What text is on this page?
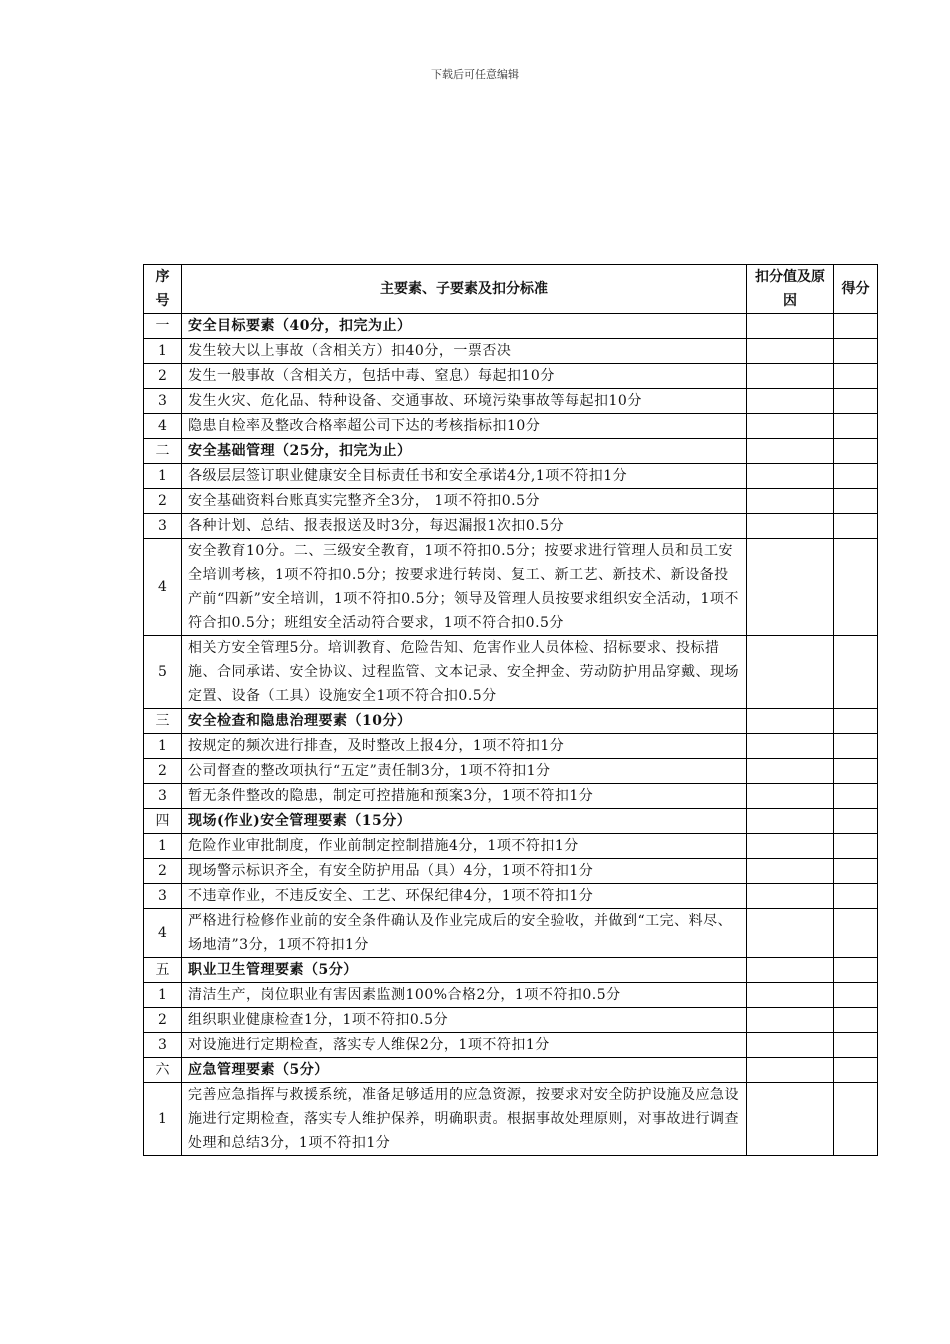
下载后可任意编辑
序号	主要素、子要素及扣分标准	扣分值及原因	得分
一	安全目标要素（40分，扣完为止）		
1	发生较大以上事故（含相关方）扣40分，一票否决		
2	发生一般事故（含相关方，包括中毒、窒息）每起扣10分		
3	发生火灾、危化品、特种设备、交通事故、环境污染事故等每起扣10分		
4	隐患自检率及整改合格率超公司下达的考核指标扣10分		
二	安全基础管理（25分，扣完为止）		
1	各级层层签订职业健康安全目标责任书和安全承诺4分,1项不符扣1分		
2	安全基础资料台账真实完整齐全3分， 1项不符扣0.5分		
3	各种计划、总结、报表报送及时3分，每迟漏报1次扣0.5分		
4	安全教育10分。二、三级安全教育，1项不符扣0.5分；按要求进行管理人员和员工安全培训考核，1项不符扣0.5分；按要求进行转岗、复工、新工艺、新技术、新设备投产前“四新”安全培训，1项不符扣0.5分；领导及管理人员按要求组织安全活动，1项不符合扣0.5分；班组安全活动符合要求，1项不符合扣0.5分		
5	相关方安全管理5分。培训教育、危险告知、危害作业人员体检、招标要求、投标措施、合同承诺、安全协议、过程监管、文本记录、安全押金、劳动防护用品穿戴、现场定置、设备（工具）设施安全1项不符合扣0.5分		
三	安全检查和隐患治理要素（10分）		
1	按规定的频次进行排查，及时整改上报4分，1项不符扣1分		
2	公司督查的整改项执行“五定”责任制3分，1项不符扣1分		
3	暂无条件整改的隐患，制定可控措施和预案3分，1项不符扣1分		
四	现场(作业)安全管理要素（15分）		
1	危险作业审批制度，作业前制定控制措施4分，1项不符扣1分		
2	现场警示标识齐全，有安全防护用品（具）4分，1项不符扣1分		
3	不违章作业，不违反安全、工艺、环保纪律4分，1项不符扣1分		
4	严格进行检修作业前的安全条件确认及作业完成后的安全验收，并做到“工完、料尽、场地清”3分，1项不符扣1分		
五	职业卫生管理要素（5分）		
1	清洁生产，岗位职业有害因素监测100%合格2分，1项不符扣0.5分		
2	组织职业健康检查1分，1项不符扣0.5分		
3	对设施进行定期检查，落实专人维保2分，1项不符扣1分		
六	应急管理要素（5分）		
1	完善应急指挥与救援系统，准备足够适用的应急资源，按要求对安全防护设施及应急设施进行定期检查，落实专人维护保养，明确职责。根据事故处理原则，对事故进行调查处理和总结3分，1项不符扣1分		
